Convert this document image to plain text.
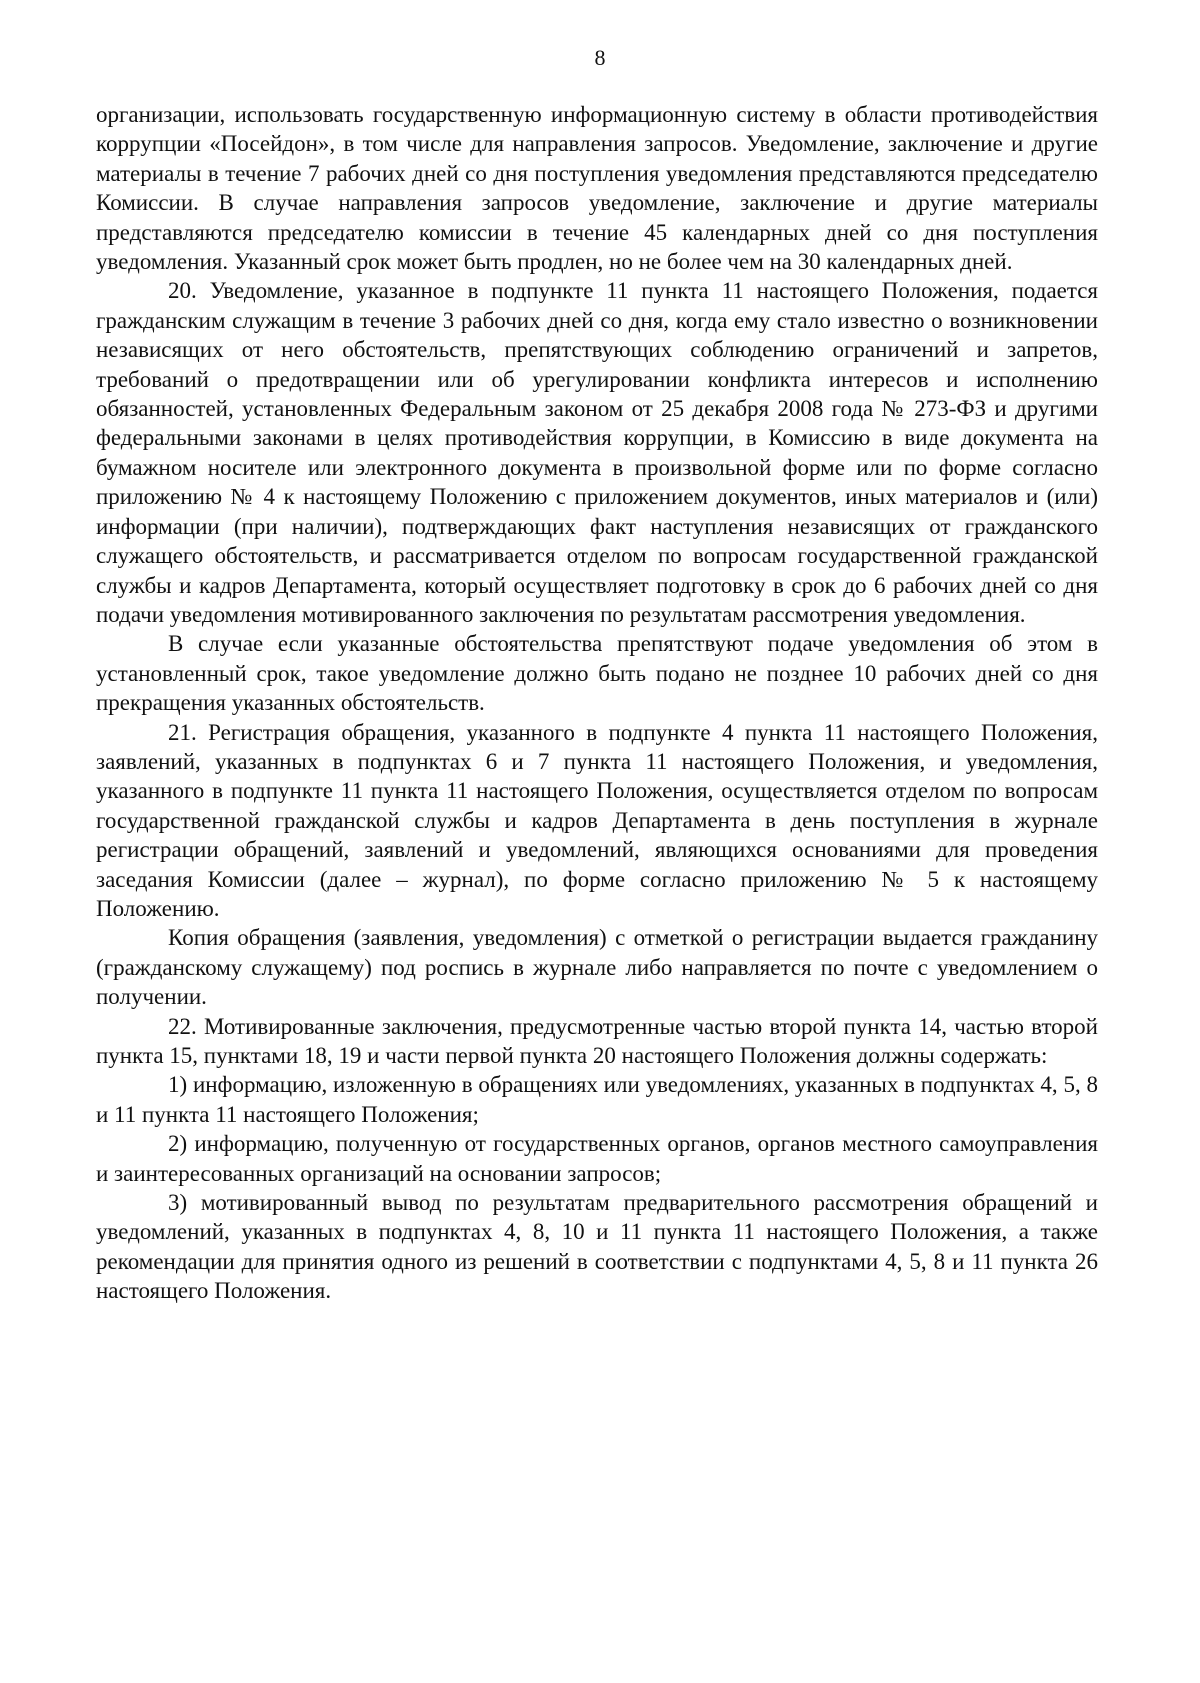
8

организации, использовать государственную информационную систему в области противодействия коррупции «Посейдон», в том числе для направления запросов. Уведомление, заключение и другие материалы в течение 7 рабочих дней со дня поступления уведомления представляются председателю Комиссии. В случае направления запросов уведомление, заключение и другие материалы представляются председателю комиссии в течение 45 календарных дней со дня поступления уведомления. Указанный срок может быть продлен, но не более чем на 30 календарных дней.

20. Уведомление, указанное в подпункте 11 пункта 11 настоящего Положения, подается гражданским служащим в течение 3 рабочих дней со дня, когда ему стало известно о возникновении независящих от него обстоятельств, препятствующих соблюдению ограничений и запретов, требований о предотвращении или об урегулировании конфликта интересов и исполнению обязанностей, установленных Федеральным законом от 25 декабря 2008 года № 273-ФЗ и другими федеральными законами в целях противодействия коррупции, в Комиссию в виде документа на бумажном носителе или электронного документа в произвольной форме или по форме согласно приложению № 4 к настоящему Положению с приложением документов, иных материалов и (или) информации (при наличии), подтверждающих факт наступления независящих от гражданского служащего обстоятельств, и рассматривается отделом по вопросам государственной гражданской службы и кадров Департамента, который осуществляет подготовку в срок до 6 рабочих дней со дня подачи уведомления мотивированного заключения по результатам рассмотрения уведомления.

В случае если указанные обстоятельства препятствуют подаче уведомления об этом в установленный срок, такое уведомление должно быть подано не позднее 10 рабочих дней со дня прекращения указанных обстоятельств.

21. Регистрация обращения, указанного в подпункте 4 пункта 11 настоящего Положения, заявлений, указанных в подпунктах 6 и 7 пункта 11 настоящего Положения, и уведомления, указанного в подпункте 11 пункта 11 настоящего Положения, осуществляется отделом по вопросам государственной гражданской службы и кадров Департамента в день поступления в журнале регистрации обращений, заявлений и уведомлений, являющихся основаниями для проведения заседания Комиссии (далее – журнал), по форме согласно приложению № 5 к настоящему Положению.

Копия обращения (заявления, уведомления) с отметкой о регистрации выдается гражданину (гражданскому служащему) под роспись в журнале либо направляется по почте с уведомлением о получении.

22. Мотивированные заключения, предусмотренные частью второй пункта 14, частью второй пункта 15, пунктами 18, 19 и части первой пункта 20 настоящего Положения должны содержать:

1) информацию, изложенную в обращениях или уведомлениях, указанных в подпунктах 4, 5, 8 и 11 пункта 11 настоящего Положения;

2) информацию, полученную от государственных органов, органов местного самоуправления и заинтересованных организаций на основании запросов;

3) мотивированный вывод по результатам предварительного рассмотрения обращений и уведомлений, указанных в подпунктах 4, 8, 10 и 11 пункта 11 настоящего Положения, а также рекомендации для принятия одного из решений в соответствии с подпунктами 4, 5, 8 и 11 пункта 26 настоящего Положения.
